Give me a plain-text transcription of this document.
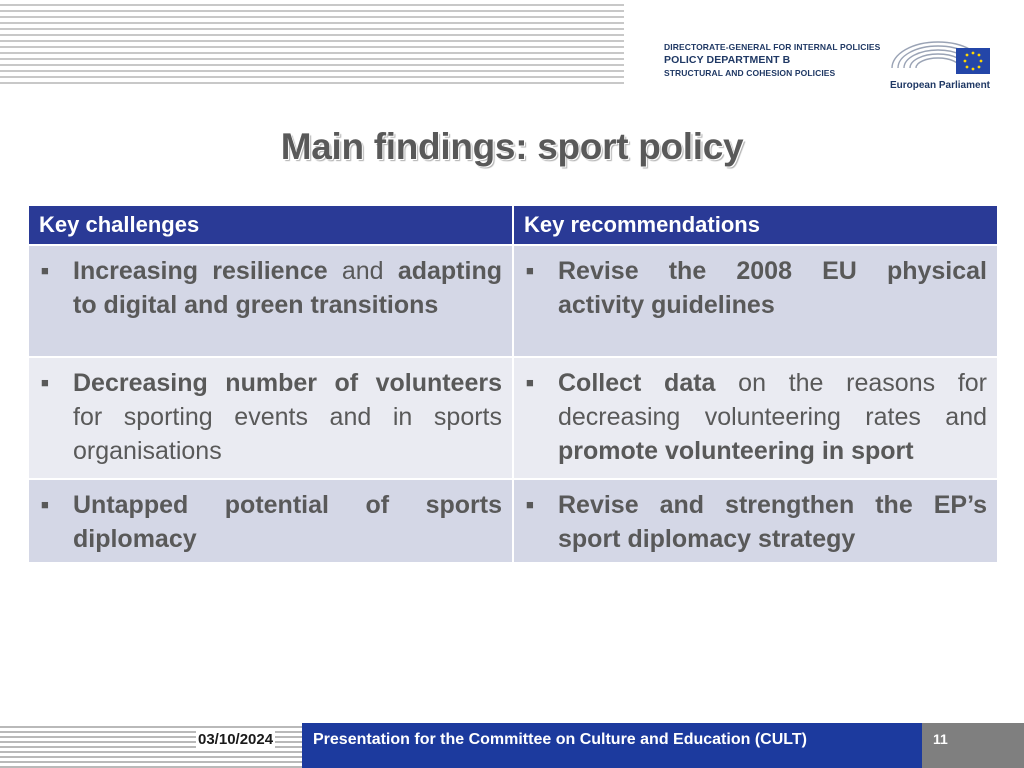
DIRECTORATE-GENERAL FOR INTERNAL POLICIES
POLICY DEPARTMENT B
STRUCTURAL AND COHESION POLICIES
European Parliament
Main findings: sport policy
Key challenges	Key recommendations

■ Increasing resilience and adapting to digital and green transitions	■ Revise the 2008 EU physical activity guidelines

■ Decreasing number of volunteers for sporting events and in sports organisations	■ Collect data on the reasons for decreasing volunteering rates and promote volunteering in sport

■ Untapped potential of sports diplomacy	■ Revise and strengthen the EP’s sport diplomacy strategy
03/10/2024 Presentation for the Committee on Culture and Education (CULT)	11
